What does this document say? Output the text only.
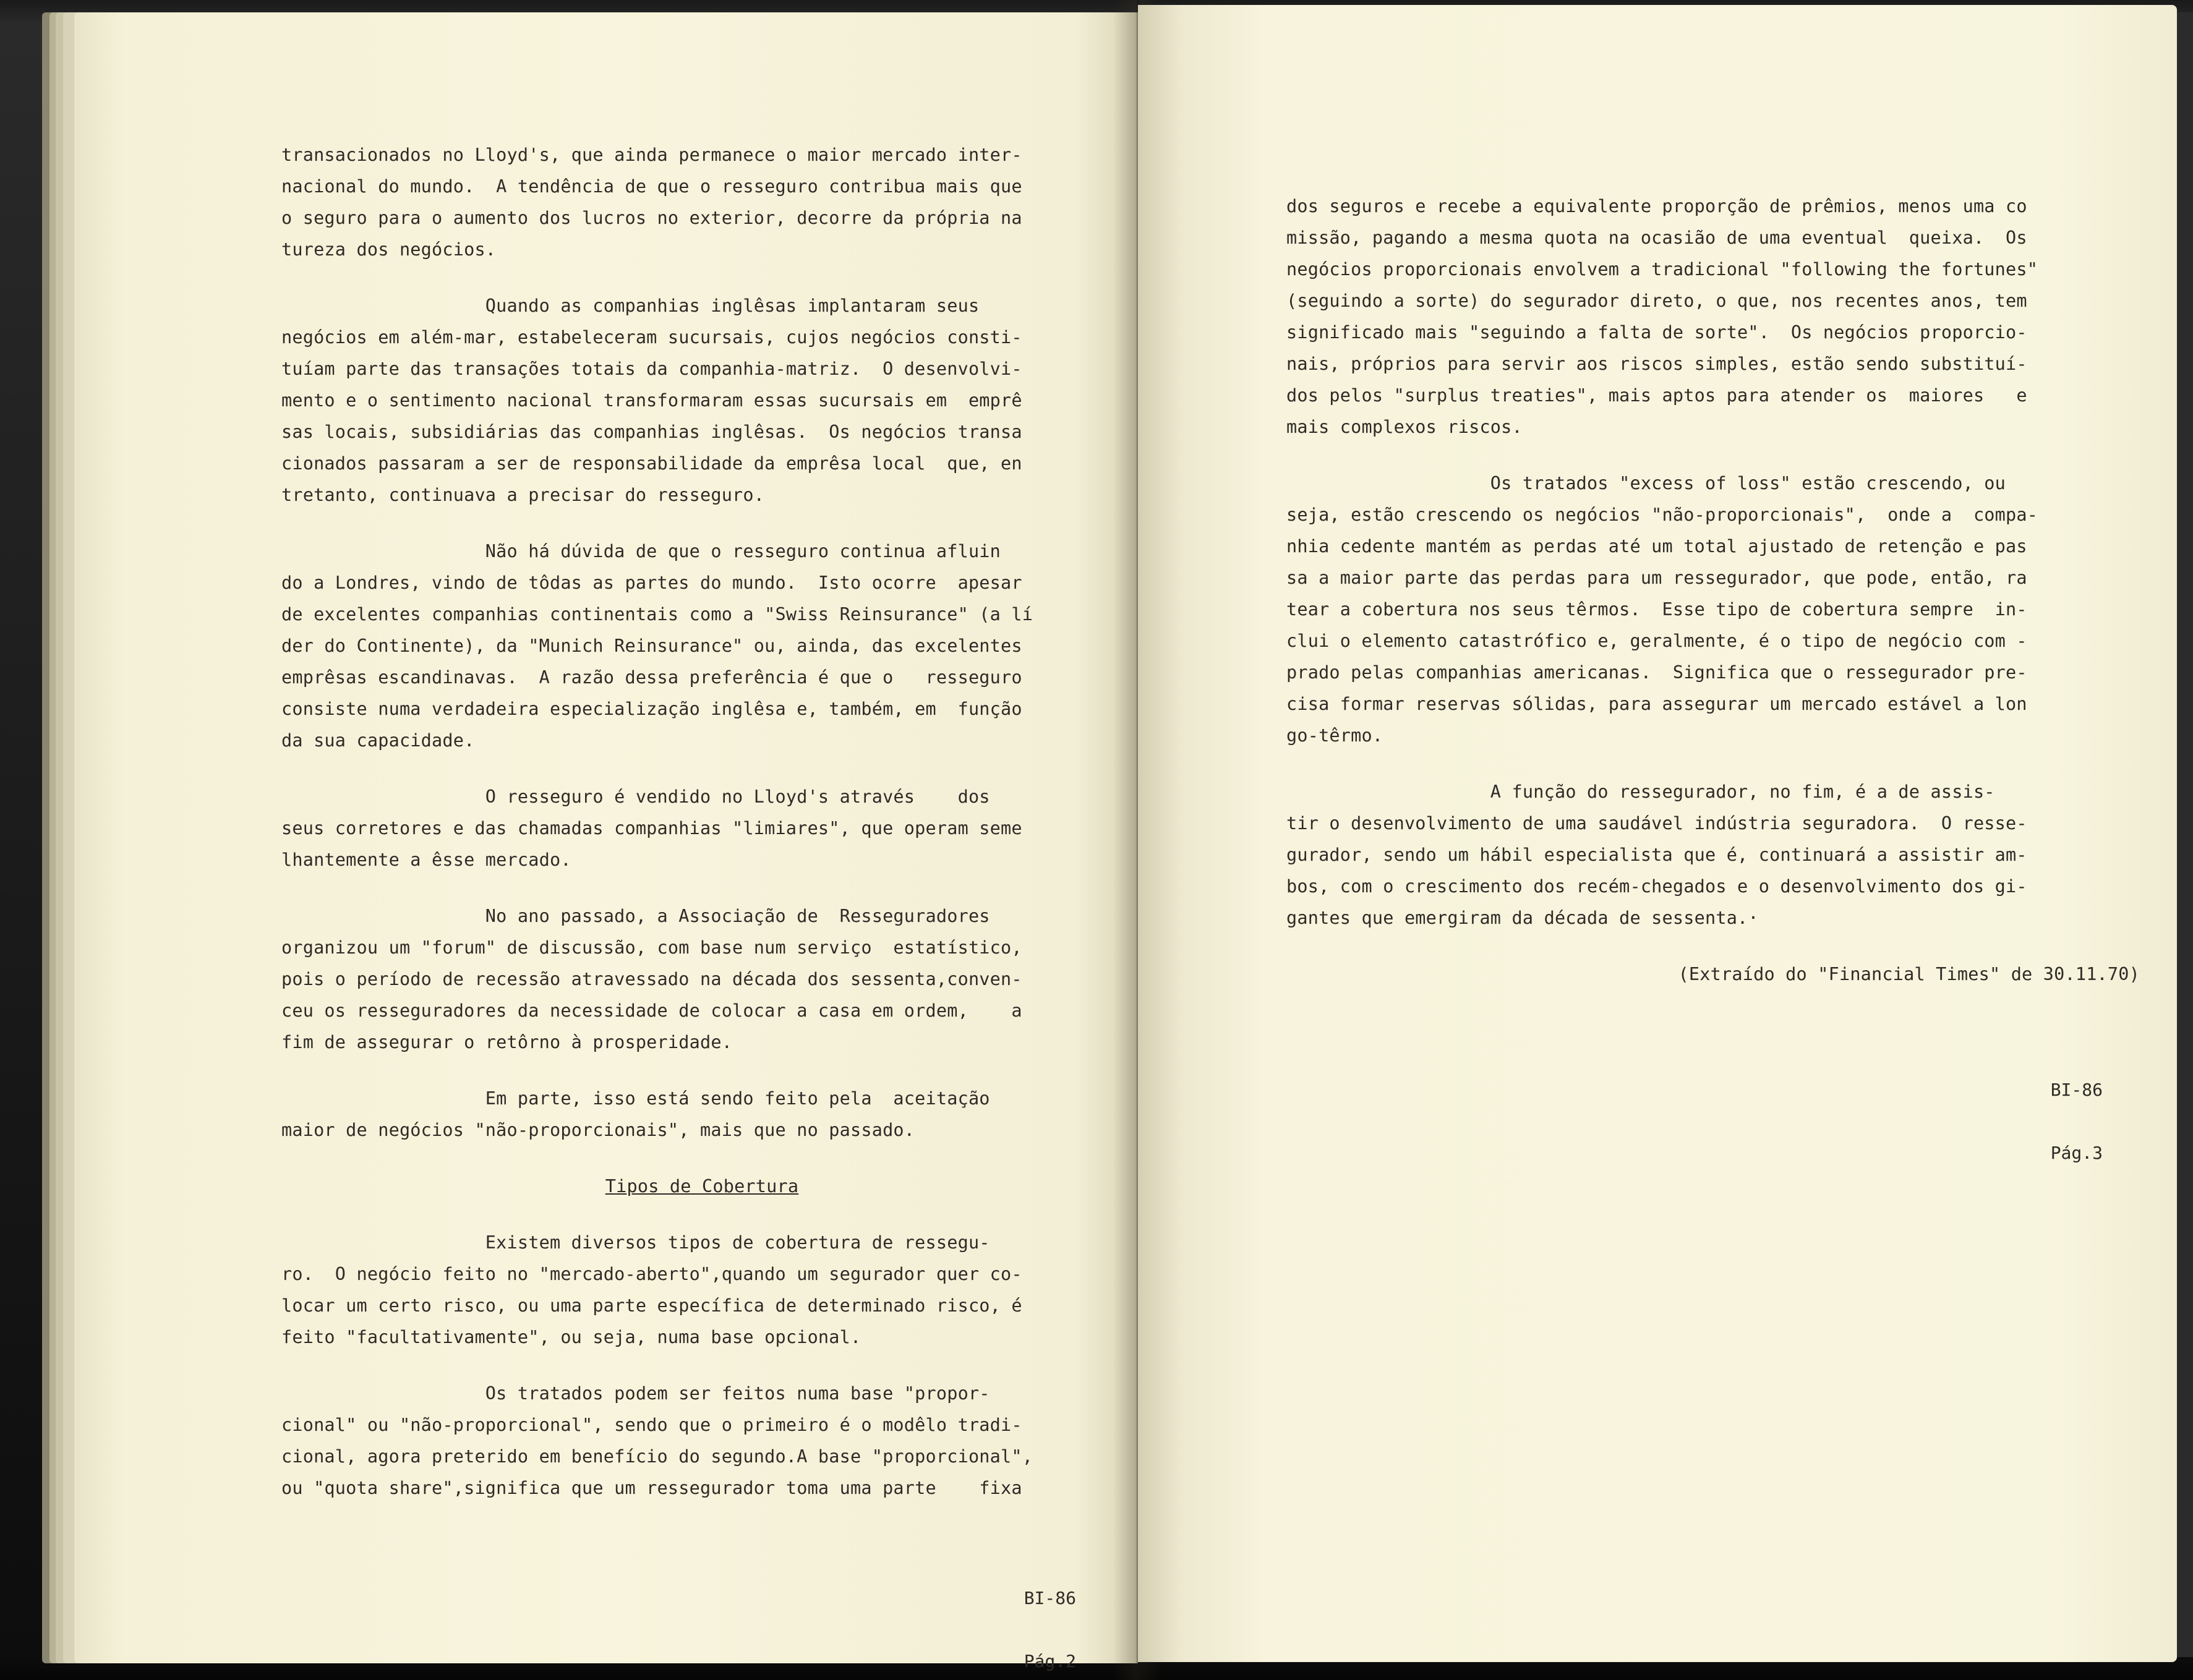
transacionados no Lloyd's, que ainda permanece o maior mercado inter-
nacional do mundo.  A tendência de que o resseguro contribua mais que
o seguro para o aumento dos lucros no exterior, decorre da própria na
tureza dos negócios.
Quando as companhias inglêsas implantaram seus
negócios em além-mar, estabeleceram sucursais, cujos negócios consti-
tuíam parte das transações totais da companhia-matriz.  O desenvolvi-
mento e o sentimento nacional transformaram essas sucursais em  emprê
sas locais, subsidiárias das companhias inglêsas.  Os negócios transa
cionados passaram a ser de responsabilidade da emprêsa local  que, en
tretanto, continuava a precisar do resseguro.
Não há dúvida de que o resseguro continua afluin
do a Londres, vindo de tôdas as partes do mundo.  Isto ocorre  apesar
de excelentes companhias continentais como a "Swiss Reinsurance" (a lí
der do Continente), da "Munich Reinsurance" ou, ainda, das excelentes
emprêsas escandinavas.  A razão dessa preferência é que o   resseguro
consiste numa verdadeira especialização inglêsa e, também, em  função
da sua capacidade.
O resseguro é vendido no Lloyd's através    dos
seus corretores e das chamadas companhias "limiares", que operam seme
lhantemente a êsse mercado.
No ano passado, a Associação de  Resseguradores
organizou um "forum" de discussão, com base num serviço  estatístico,
pois o período de recessão atravessado na década dos sessenta,conven-
ceu os resseguradores da necessidade de colocar a casa em ordem,    a
fim de assegurar o retôrno à prosperidade.
Em parte, isso está sendo feito pela  aceitação
maior de negócios "não-proporcionais", mais que no passado.
Tipos de Cobertura
Existem diversos tipos de cobertura de ressegu-
ro.  O negócio feito no "mercado-aberto",quando um segurador quer co-
locar um certo risco, ou uma parte específica de determinado risco, é
feito "facultativamente", ou seja, numa base opcional.
Os tratados podem ser feitos numa base "propor-
cional" ou "não-proporcional", sendo que o primeiro é o modêlo tradi-
cional, agora preterido em benefício do segundo.A base "proporcional",
ou "quota share",significa que um ressegurador toma uma parte    fixa

BI-86

Pág.2

dos seguros e recebe a equivalente proporção de prêmios, menos uma co
missão, pagando a mesma quota na ocasião de uma eventual  queixa.  Os
negócios proporcionais envolvem a tradicional "following the fortunes"
(seguindo a sorte) do segurador direto, o que, nos recentes anos, tem
significado mais "seguindo a falta de sorte".  Os negócios proporcio-
nais, próprios para servir aos riscos simples, estão sendo substituí-
dos pelos "surplus treaties", mais aptos para atender os  maiores   e
mais complexos riscos.
Os tratados "excess of loss" estão crescendo, ou
seja, estão crescendo os negócios "não-proporcionais",  onde a  compa-
nhia cedente mantém as perdas até um total ajustado de retenção e pas
sa a maior parte das perdas para um ressegurador, que pode, então, ra
tear a cobertura nos seus têrmos.  Esse tipo de cobertura sempre  in-
clui o elemento catastrófico e, geralmente, é o tipo de negócio com -
prado pelas companhias americanas.  Significa que o ressegurador pre-
cisa formar reservas sólidas, para assegurar um mercado estável a lon
go-têrmo.
A função do ressegurador, no fim, é a de assis-
tir o desenvolvimento de uma saudável indústria seguradora.  O resse-
gurador, sendo um hábil especialista que é, continuará a assistir am-
bos, com o crescimento dos recém-chegados e o desenvolvimento dos gi-
gantes que emergiram da década de sessenta.·
(Extraído do "Financial Times" de 30.11.70)

BI-86

Pág.3
